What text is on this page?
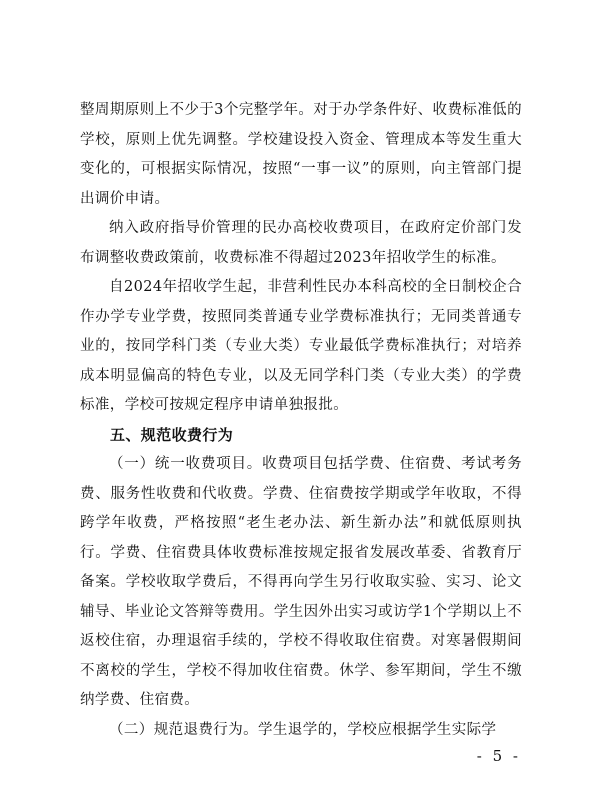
整周期原则上不少于3个完整学年。对于办学条件好、收费标准低的学校，原则上优先调整。学校建设投入资金、管理成本等发生重大变化的，可根据实际情况，按照“一事一议”的原则，向主管部门提出调价申请。

纳入政府指导价管理的民办高校收费项目，在政府定价部门发布调整收费政策前，收费标准不得超过2023年招收学生的标准。

自2024年招收学生起，非营利性民办本科高校的全日制校企合作办学专业学费，按照同类普通专业学费标准执行；无同类普通专业的，按同学科门类（专业大类）专业最低学费标准执行；对培养成本明显偏高的特色专业，以及无同学科门类（专业大类）的学费标准，学校可按规定程序申请单独报批。

五、规范收费行为

（一）统一收费项目。收费项目包括学费、住宿费、考试考务费、服务性收费和代收费。学费、住宿费按学期或学年收取，不得跨学年收费，严格按照“老生老办法、新生新办法”和就低原则执行。学费、住宿费具体收费标准按规定报省发展改革委、省教育厅备案。学校收取学费后，不得再向学生另行收取实验、实习、论文辅导、毕业论文答辩等费用。学生因外出实习或访学1个学期以上不返校住宿，办理退宿手续的，学校不得收取住宿费。对寒暑假期间不离校的学生，学校不得加收住宿费。休学、参军期间，学生不缴纳学费、住宿费。

（二）规范退费行为。学生退学的，学校应根据学生实际学

- 5 -
